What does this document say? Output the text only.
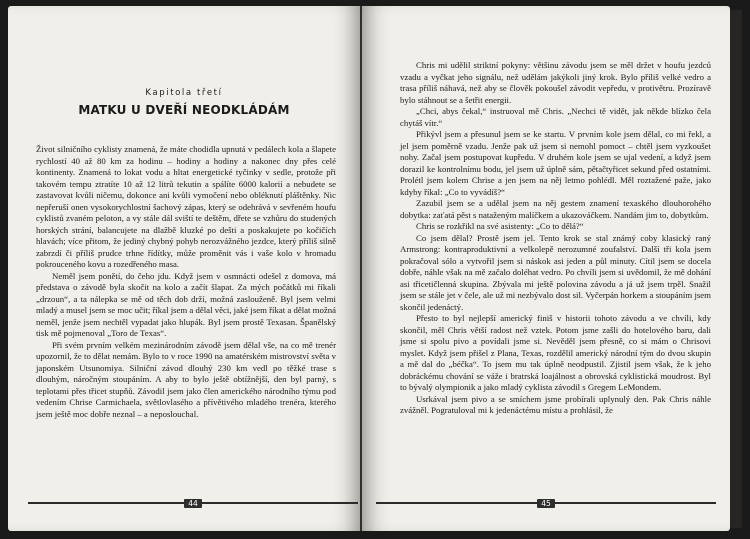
Kapitola třetí
MATKU U DVEŘÍ NEODKLÁDÁM

Život silničního cyklisty znamená, že máte chodidla upnutá v pedálech kola a šlapete rychlostí 40 až 80 km za hodinu – hodiny a hodiny a nakonec dny přes celé kontinenty. Znamená to lokat vodu a hltat energetické tyčinky v sedle, protože při takovém tempu ztratíte 10 až 12 litrů tekutin a spálíte 6000 kalorií a nebudete se zastavovat kvůli ničemu, dokonce ani kvůli vymočení nebo obléknutí pláštěnky. Nic nepřeruší onen vysokorychlostní šachový zápas, který se odehrává v sevřeném houfu cyklistů zvaném peloton, a vy stále dál sviští te deštěm, dřete se vzhůru do studených horských strání, balancujete na dlažbě kluzké po dešti a poskakujete po kočičích hlavách; více přitom, že jediný chybný pohyb nerozvážného jezdce, který příliš silně zabrzdí či příliš prudce trhne řídítky, může proměnit vás i vaše kolo v hromadu pokrouceného kovu a rozedřeného masa.

Neměl jsem ponětí, do čeho jdu. Když jsem v osmnácti odešel z domova, má představa o závodě byla skočit na kolo a začít šlapat. Za mých počátků mi říkali „drzoun“, a ta nálepka se mě od těch dob drží, možná zaslouženě. Byl jsem velmi mladý a musel jsem se moc učit; říkal jsem a dělal věci, jaké jsem říkat a dělat možná neměl, jenže jsem nechtěl vypadat jako hlupák. Byl jsem prostě Texasan. Španělský tisk mě pojmenoval „Toro de Texas“.

Při svém prvním velkém mezinárodním závodě jsem dělal vše, na co mě trenér upozornil, že to dělat nemám. Bylo to v roce 1990 na amatérském mistrovství světa v japonském Utsunomiya. Silniční závod dlouhý 230 km vedl po těžké trase s dlouhým, náročným stoupáním. A aby to bylo ještě obtížnější, den byl parný, s teplotami přes třicet stupňů. Závodil jsem jako člen amerického národního týmu pod vedením Chrise Carmichaela, světlovlasého a přívětivého mladého trenéra, kterého jsem ještě moc dobře neznal – a neposlouchal.

44

Chris mi udělil striktní pokyny: většinu závodu jsem se měl držet v houfu jezdců vzadu a vyčkat jeho signálu, než udělám jakýkoli jiný krok. Bylo příliš velké vedro a trasa příliš náhavá, než aby se člověk pokoušel závodit vepředu, v protivětru. Prozíravě bylo stáhnout se a šetřit energii.

„Chci, abys čekal,“ instruoval mě Chris. „Nechci tě vidět, jak někde blízko čela chytáš vítr.“

Přikývl jsem a přesunul jsem se ke startu. V prvním kole jsem dělal, co mi řekl, a jel jsem poměrně vzadu. Jenže pak už jsem si nemohl pomoct – chtěl jsem vyzkoušet nohy. Začal jsem postupovat kupředu. V druhém kole jsem se ujal vedení, a když jsem dorazil ke kontrolnímu bodu, jel jsem už úplně sám, pětačtyřicet sekund před ostatními. Prolétl jsem kolem Chrise a jen jsem na něj letmo pohlédl. Měl roztažené paže, jako kdyby říkal: „Co to vyvádíš?“

Zazubil jsem se a udělal jsem na něj gestem znamení texaského dlouhorohého dobytka: zaťatá pěst s nataženým malíčkem a ukazováčkem. Nandám jim to, dobytkům.

Chris se rozkřikl na své asistenty: „Co to dělá?“

Co jsem dělal? Prostě jsem jel. Tento krok se stal známý coby klasický raný Armstrong: kontraproduktivní a velkolepě nerozumné zoufalství. Další tři kola jsem pokračoval sólo a vytvořil jsem si náskok asi jeden a půl minuty. Cítil jsem se docela dobře, náhle však na mě začalo doléhat vedro. Po chvíli jsem si uvědomil, že mě dohání asi třicetičlenná skupina. Zbývala mi ještě polovina závodu a já už jsem trpěl. Snažil jsem se stále jet v čele, ale už mi nezbývalo dost sil. Vyčerpán horkem a stoupáním jsem skončil jedenáctý.

Přesto to byl nejlepší americký finiš v historii tohoto závodu a ve chvíli, kdy skončil, měl Chris větší radost než vztek. Potom jsme zašli do hotelového baru, dali jsme si spolu pivo a povídali jsme si. Nevěděl jsem přesně, co si mám o Chrisovi myslet. Když jsem přišel z Plana, Texas, rozdělil americký národní tým do dvou skupin a mě dal do „béčka“. To jsem mu tak úplně neodpustil. Zjistil jsem však, že k jeho dobráckému chování se váže i bratrská loajálnost a obrovská cyklistická moudrost. Byl to bývalý olympionik a jako mladý cyklista závodil s Gregem LeMondem.

Usrkával jsem pivo a se smíchem jsme probírali uplynulý den. Pak Chris náhle zvážněl. Pogratuloval mi k jedenáctému místu a prohlásil, že

45
